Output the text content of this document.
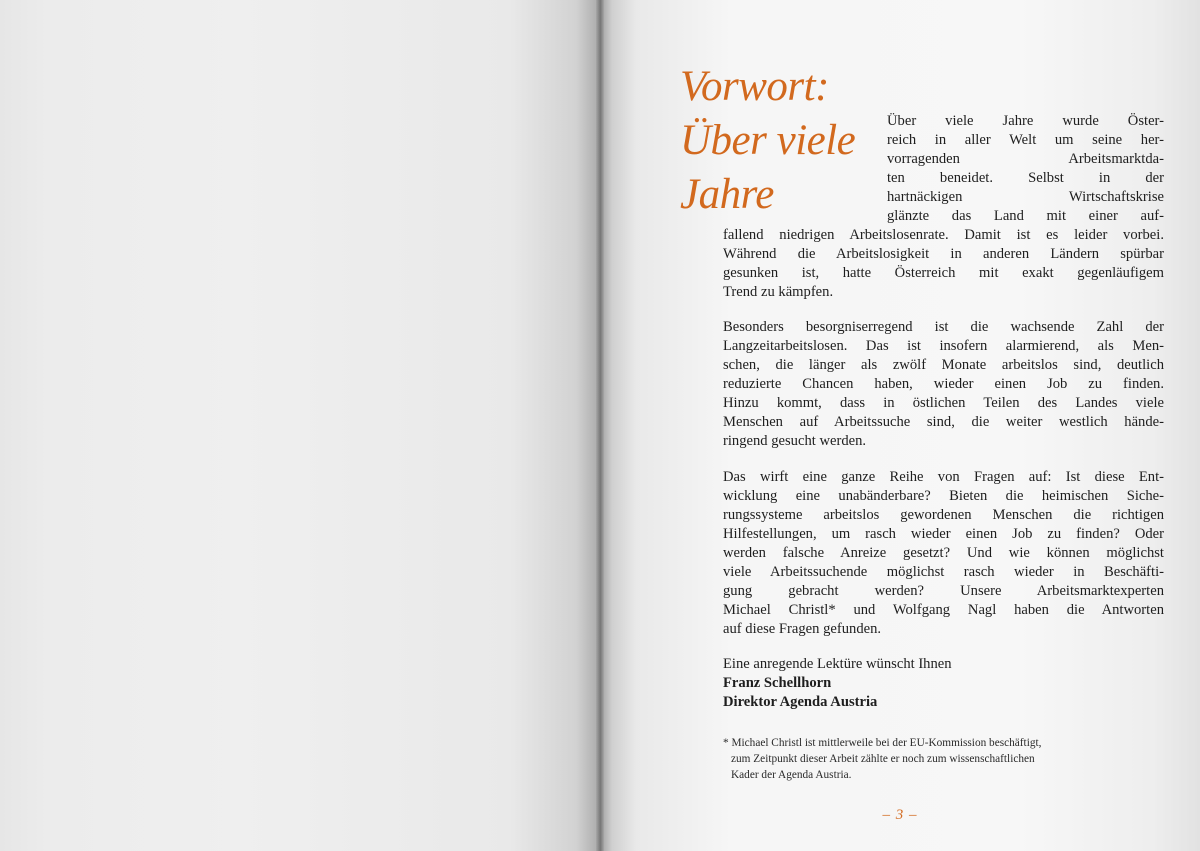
Vorwort:
Über viele
Jahre
Über viele Jahre wurde Öster-
reich in aller Welt um seine her-
vorragenden Arbeitsmarktda-
ten beneidet. Selbst in der
hartnäckigen Wirtschaftskrise
glänzte das Land mit einer auf-
fallend niedrigen Arbeitslosenrate. Damit ist es leider vorbei.
Während die Arbeitslosigkeit in anderen Ländern spürbar
gesunken ist, hatte Österreich mit exakt gegenläufigem
Trend zu kämpfen.
Besonders besorgniserregend ist die wachsende Zahl der
Langzeitarbeitslosen. Das ist insofern alarmierend, als Men-
schen, die länger als zwölf Monate arbeitslos sind, deutlich
reduzierte Chancen haben, wieder einen Job zu finden.
Hinzu kommt, dass in östlichen Teilen des Landes viele
Menschen auf Arbeitssuche sind, die weiter westlich hände-
ringend gesucht werden.
Das wirft eine ganze Reihe von Fragen auf: Ist diese Ent-
wicklung eine unabänderbare? Bieten die heimischen Siche-
rungssysteme arbeitslos gewordenen Menschen die richtigen
Hilfestellungen, um rasch wieder einen Job zu finden? Oder
werden falsche Anreize gesetzt? Und wie können möglichst
viele Arbeitssuchende möglichst rasch wieder in Beschäfti-
gung gebracht werden? Unsere Arbeitsmarktexperten
Michael Christl* und Wolfgang Nagl haben die Antworten
auf diese Fragen gefunden.
Eine anregende Lektüre wünscht Ihnen
Franz Schellhorn
Direktor Agenda Austria
* Michael Christl ist mittlerweile bei der EU-Kommission beschäftigt,
zum Zeitpunkt dieser Arbeit zählte er noch zum wissenschaftlichen
Kader der Agenda Austria.
– 3 –
